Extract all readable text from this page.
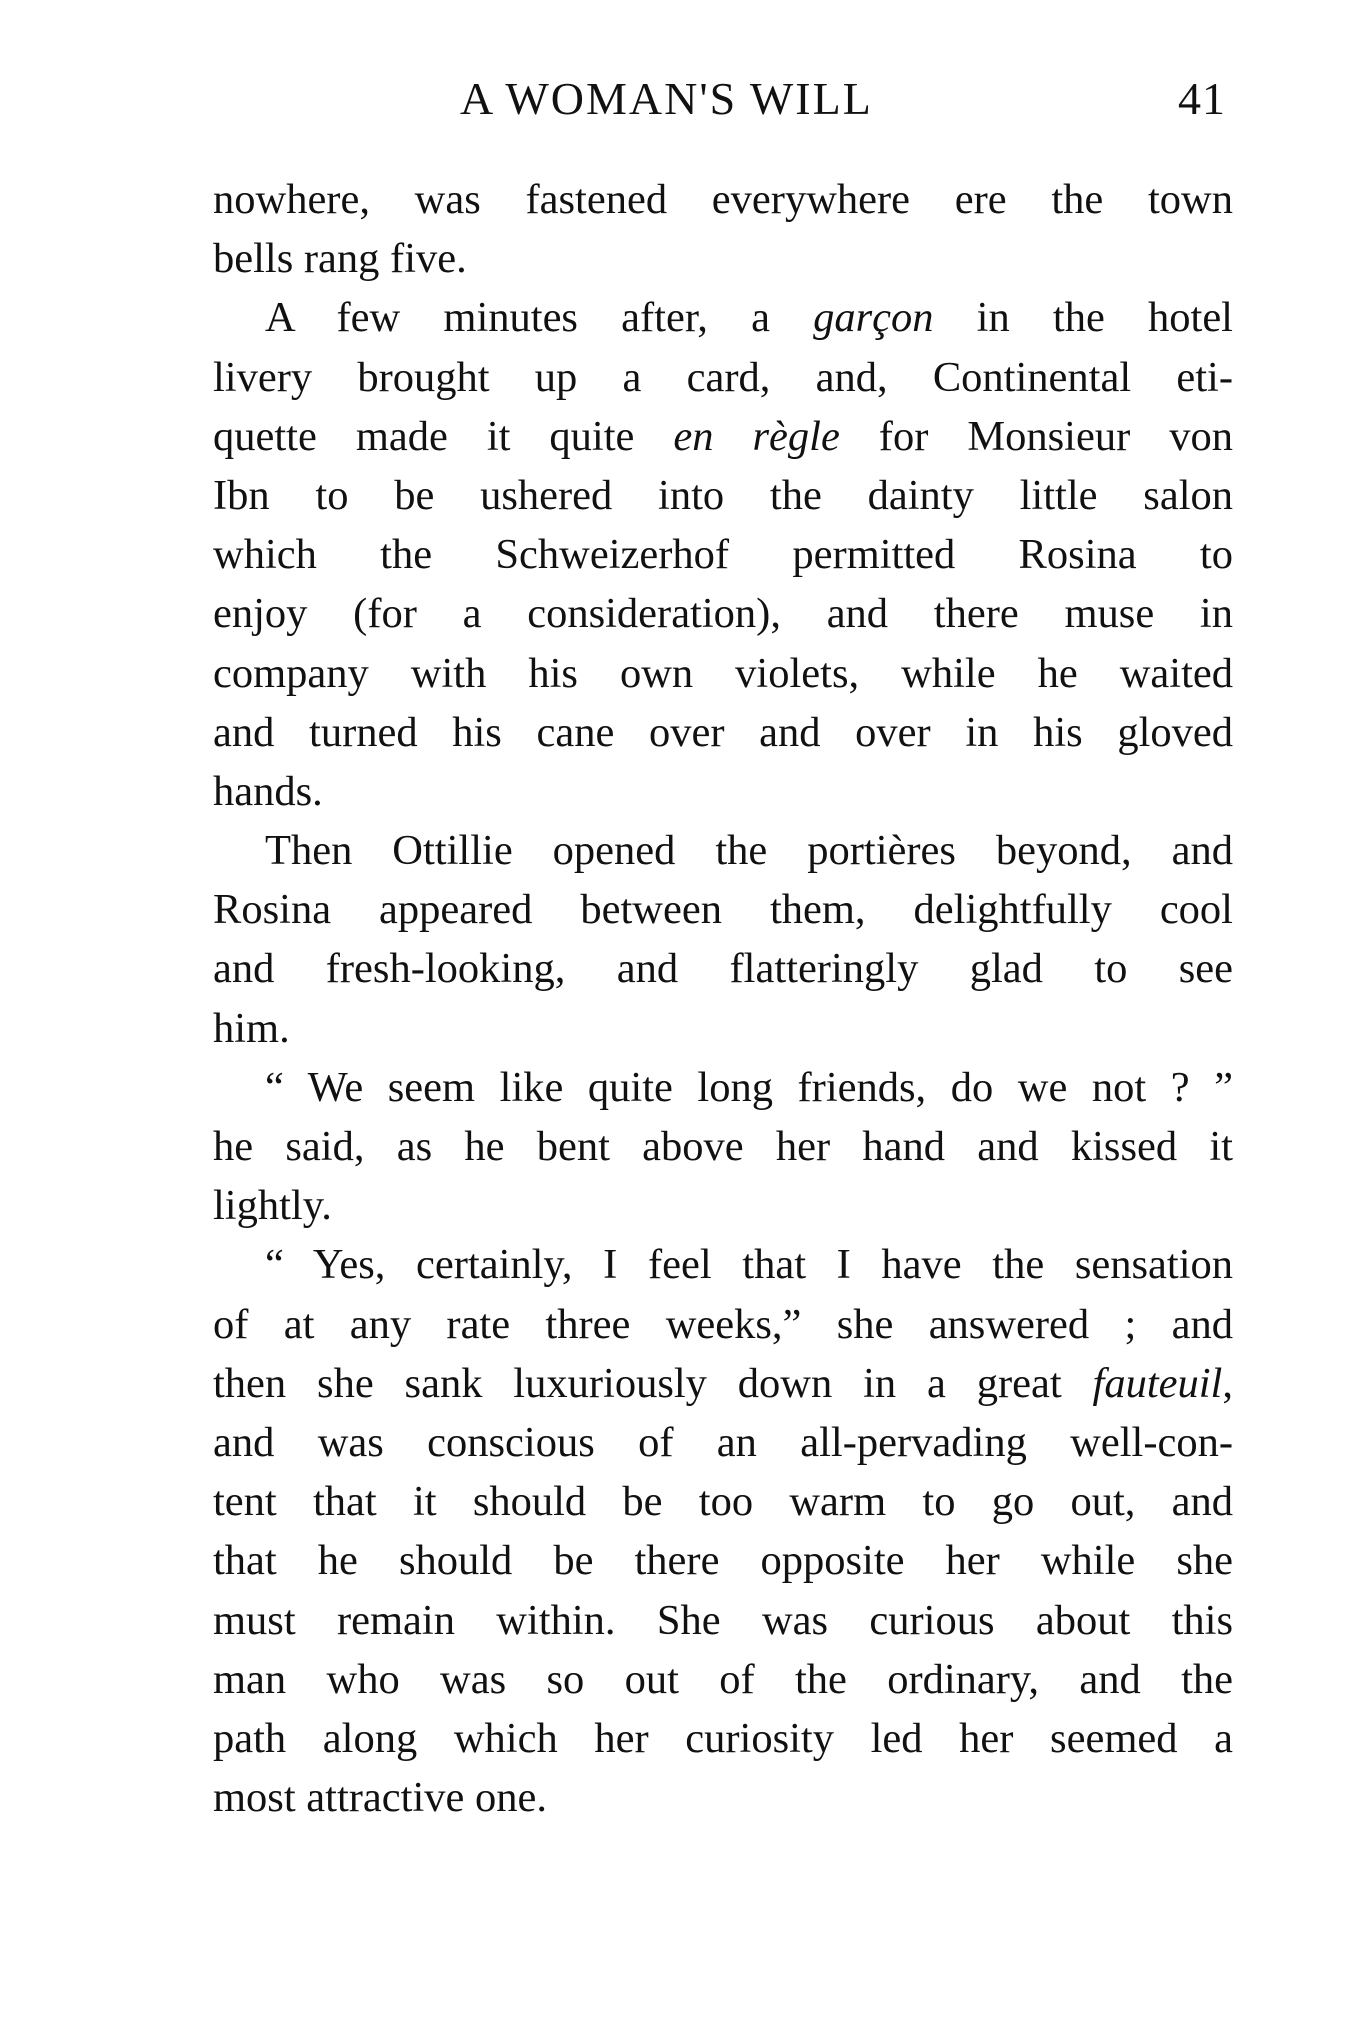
A WOMAN'S WILL	41
nowhere, was fastened everywhere ere the town
bells rang five.
A few minutes after, a garçon in the hotel
livery brought up a card, and, Continental eti-
quette made it quite en règle for Monsieur von
Ibn to be ushered into the dainty little salon
which the Schweizerhof permitted Rosina to
enjoy (for a consideration), and there muse in
company with his own violets, while he waited
and turned his cane over and over in his gloved
hands.
Then Ottillie opened the portières beyond, and
Rosina appeared between them, delightfully cool
and fresh-looking, and flatteringly glad to see
him.
“ We seem like quite long friends, do we not ? ”
he said, as he bent above her hand and kissed it
lightly.
“ Yes, certainly, I feel that I have the sensation
of at any rate three weeks,” she answered ; and
then she sank luxuriously down in a great fauteuil,
and was conscious of an all-pervading well-con-
tent that it should be too warm to go out, and
that he should be there opposite her while she
must remain within. She was curious about this
man who was so out of the ordinary, and the
path along which her curiosity led her seemed a
most attractive one.
